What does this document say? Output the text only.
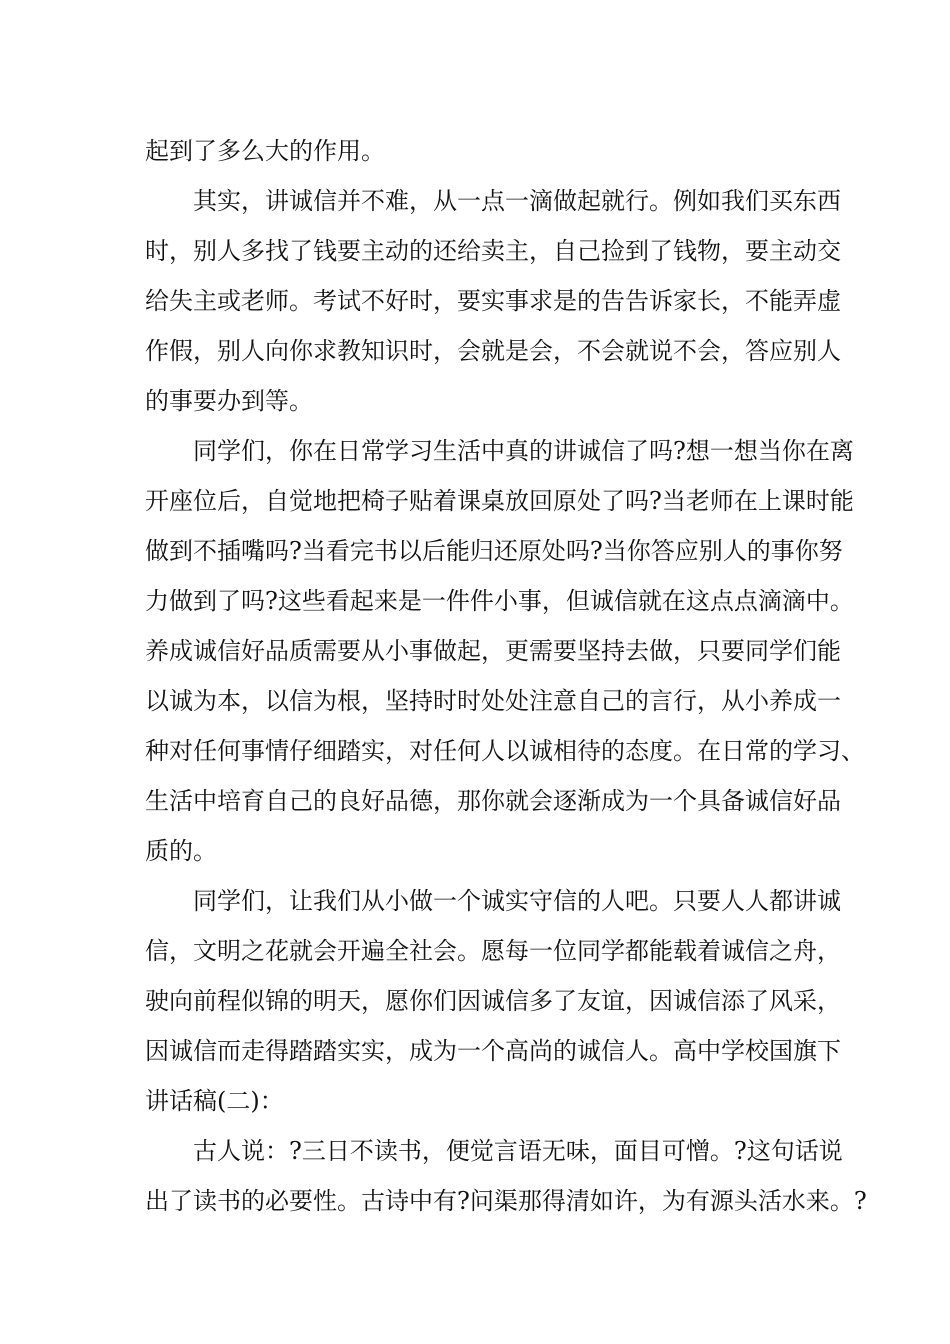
起到了多么大的作用。
其实，讲诚信并不难，从一点一滴做起就行。例如我们买东西
时，别人多找了钱要主动的还给卖主，自己捡到了钱物，要主动交
给失主或老师。考试不好时，要实事求是的告告诉家长，不能弄虚
作假，别人向你求教知识时，会就是会，不会就说不会，答应别人
的事要办到等。
同学们，你在日常学习生活中真的讲诚信了吗?想一想当你在离
开座位后，自觉地把椅子贴着课桌放回原处了吗?当老师在上课时能
做到不插嘴吗?当看完书以后能归还原处吗?当你答应别人的事你努
力做到了吗?这些看起来是一件件小事，但诚信就在这点点滴滴中。
养成诚信好品质需要从小事做起，更需要坚持去做，只要同学们能
以诚为本，以信为根，坚持时时处处注意自己的言行，从小养成一
种对任何事情仔细踏实，对任何人以诚相待的态度。在日常的学习、
生活中培育自己的良好品德，那你就会逐渐成为一个具备诚信好品
质的。
同学们，让我们从小做一个诚实守信的人吧。只要人人都讲诚
信，文明之花就会开遍全社会。愿每一位同学都能载着诚信之舟，
驶向前程似锦的明天，愿你们因诚信多了友谊，因诚信添了风采，
因诚信而走得踏踏实实，成为一个高尚的诚信人。高中学校国旗下
讲话稿(二)：
古人说：?三日不读书，便觉言语无味，面目可憎。?这句话说
出了读书的必要性。古诗中有?问渠那得清如许，为有源头活水来。?
